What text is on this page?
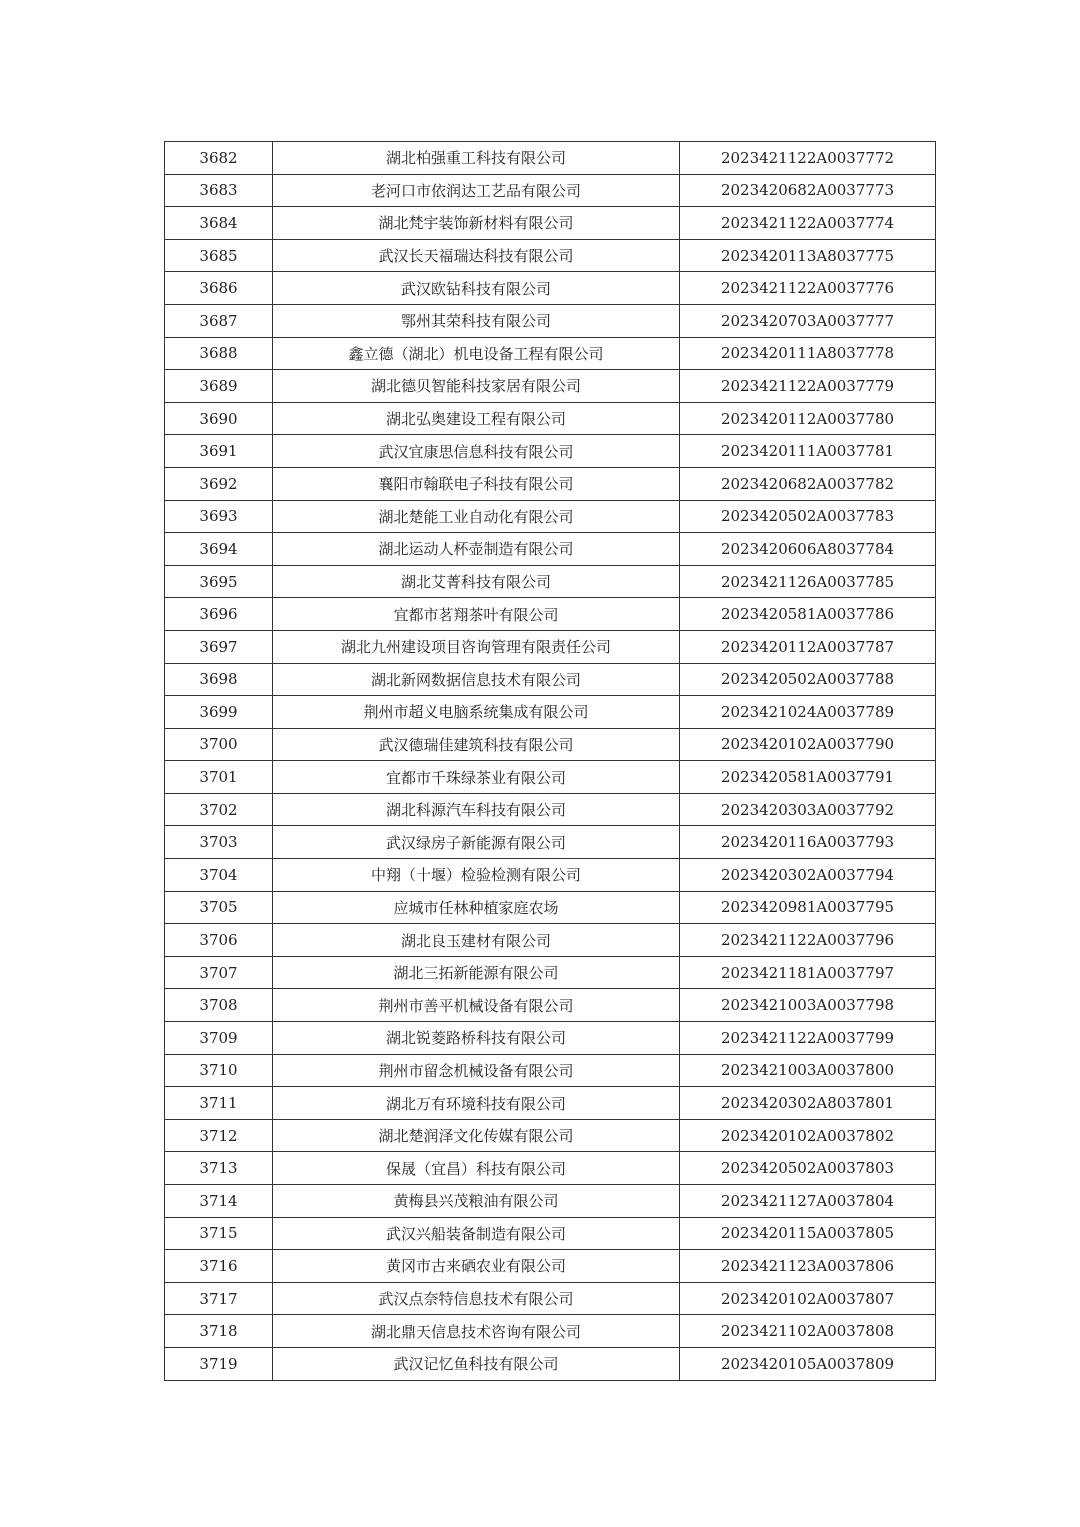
3682	湖北柏强重工科技有限公司	2023421122A0037772
3683	老河口市依润达工艺品有限公司	2023420682A0037773
3684	湖北梵宇装饰新材料有限公司	2023421122A0037774
3685	武汉长天福瑞达科技有限公司	2023420113A8037775
3686	武汉欧钻科技有限公司	2023421122A0037776
3687	鄂州其荣科技有限公司	2023420703A0037777
3688	鑫立德（湖北）机电设备工程有限公司	2023420111A8037778
3689	湖北德贝智能科技家居有限公司	2023421122A0037779
3690	湖北弘奥建设工程有限公司	2023420112A0037780
3691	武汉宜康思信息科技有限公司	2023420111A0037781
3692	襄阳市翰联电子科技有限公司	2023420682A0037782
3693	湖北楚能工业自动化有限公司	2023420502A0037783
3694	湖北运动人杯壶制造有限公司	2023420606A8037784
3695	湖北艾菁科技有限公司	2023421126A0037785
3696	宜都市茗翔茶叶有限公司	2023420581A0037786
3697	湖北九州建设项目咨询管理有限责任公司	2023420112A0037787
3698	湖北新网数据信息技术有限公司	2023420502A0037788
3699	荆州市超义电脑系统集成有限公司	2023421024A0037789
3700	武汉德瑞佳建筑科技有限公司	2023420102A0037790
3701	宜都市千珠绿茶业有限公司	2023420581A0037791
3702	湖北科源汽车科技有限公司	2023420303A0037792
3703	武汉绿房子新能源有限公司	2023420116A0037793
3704	中翔（十堰）检验检测有限公司	2023420302A0037794
3705	应城市任林种植家庭农场	2023420981A0037795
3706	湖北良玉建材有限公司	2023421122A0037796
3707	湖北三拓新能源有限公司	2023421181A0037797
3708	荆州市善平机械设备有限公司	2023421003A0037798
3709	湖北锐菱路桥科技有限公司	2023421122A0037799
3710	荆州市留念机械设备有限公司	2023421003A0037800
3711	湖北万有环境科技有限公司	2023420302A8037801
3712	湖北楚润泽文化传媒有限公司	2023420102A0037802
3713	保晟（宜昌）科技有限公司	2023420502A0037803
3714	黄梅县兴茂粮油有限公司	2023421127A0037804
3715	武汉兴船装备制造有限公司	2023420115A0037805
3716	黄冈市古来硒农业有限公司	2023421123A0037806
3717	武汉点奈特信息技术有限公司	2023420102A0037807
3718	湖北鼎天信息技术咨询有限公司	2023421102A0037808
3719	武汉记忆鱼科技有限公司	2023420105A0037809
